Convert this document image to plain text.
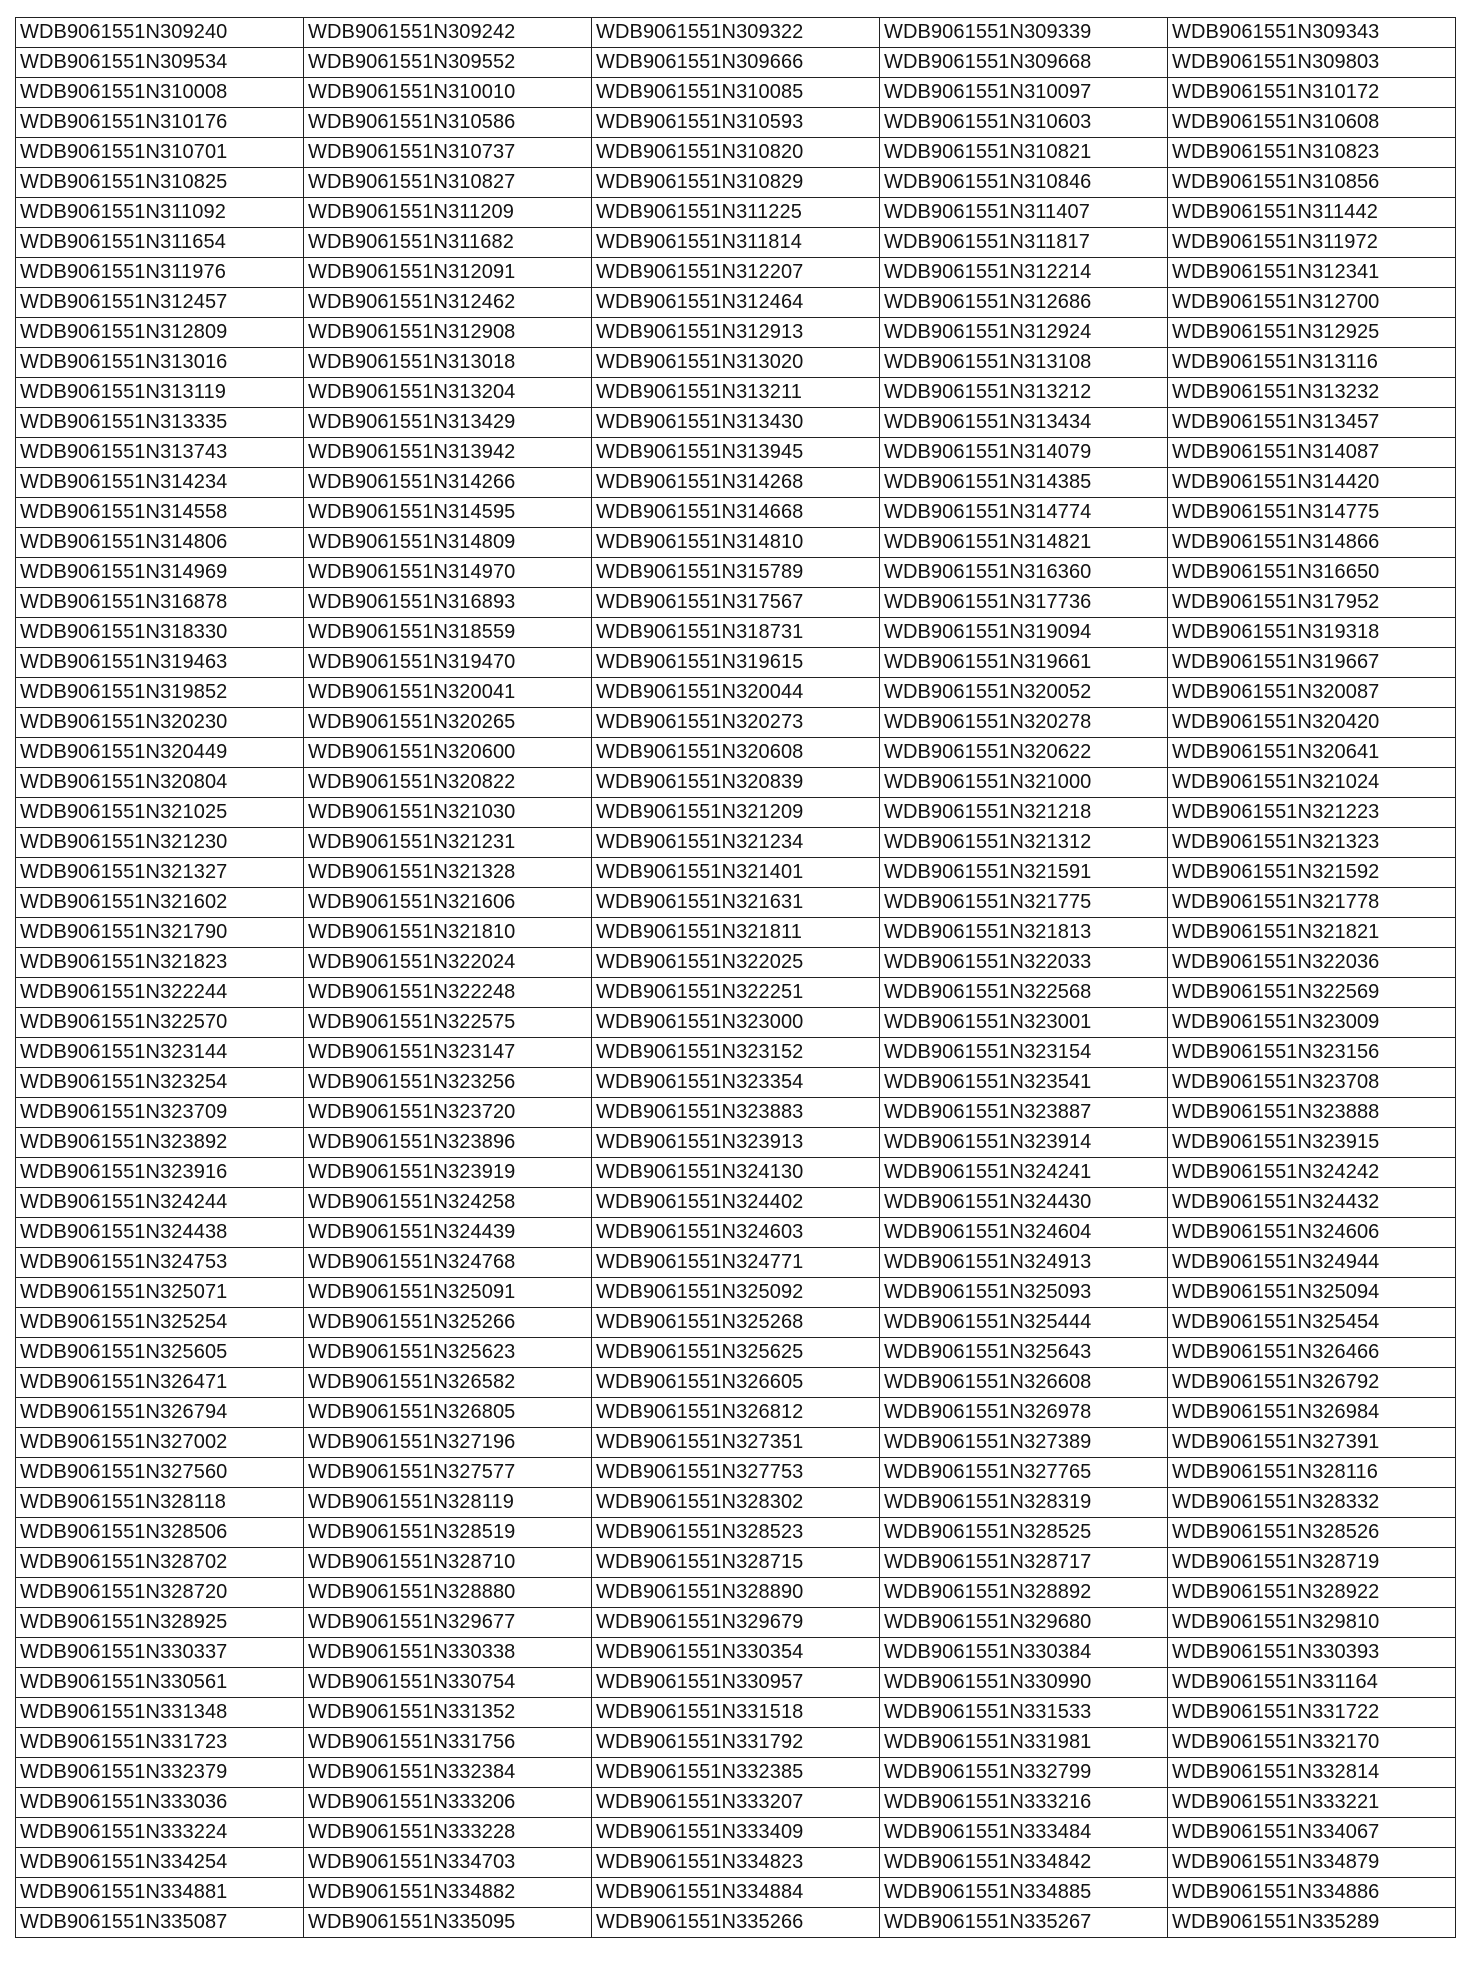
WDB9061551N309240	WDB9061551N309242	WDB9061551N309322	WDB9061551N309339	WDB9061551N309343
WDB9061551N309534	WDB9061551N309552	WDB9061551N309666	WDB9061551N309668	WDB9061551N309803
WDB9061551N310008	WDB9061551N310010	WDB9061551N310085	WDB9061551N310097	WDB9061551N310172
WDB9061551N310176	WDB9061551N310586	WDB9061551N310593	WDB9061551N310603	WDB9061551N310608
WDB9061551N310701	WDB9061551N310737	WDB9061551N310820	WDB9061551N310821	WDB9061551N310823
WDB9061551N310825	WDB9061551N310827	WDB9061551N310829	WDB9061551N310846	WDB9061551N310856
WDB9061551N311092	WDB9061551N311209	WDB9061551N311225	WDB9061551N311407	WDB9061551N311442
WDB9061551N311654	WDB9061551N311682	WDB9061551N311814	WDB9061551N311817	WDB9061551N311972
WDB9061551N311976	WDB9061551N312091	WDB9061551N312207	WDB9061551N312214	WDB9061551N312341
WDB9061551N312457	WDB9061551N312462	WDB9061551N312464	WDB9061551N312686	WDB9061551N312700
WDB9061551N312809	WDB9061551N312908	WDB9061551N312913	WDB9061551N312924	WDB9061551N312925
WDB9061551N313016	WDB9061551N313018	WDB9061551N313020	WDB9061551N313108	WDB9061551N313116
WDB9061551N313119	WDB9061551N313204	WDB9061551N313211	WDB9061551N313212	WDB9061551N313232
WDB9061551N313335	WDB9061551N313429	WDB9061551N313430	WDB9061551N313434	WDB9061551N313457
WDB9061551N313743	WDB9061551N313942	WDB9061551N313945	WDB9061551N314079	WDB9061551N314087
WDB9061551N314234	WDB9061551N314266	WDB9061551N314268	WDB9061551N314385	WDB9061551N314420
WDB9061551N314558	WDB9061551N314595	WDB9061551N314668	WDB9061551N314774	WDB9061551N314775
WDB9061551N314806	WDB9061551N314809	WDB9061551N314810	WDB9061551N314821	WDB9061551N314866
WDB9061551N314969	WDB9061551N314970	WDB9061551N315789	WDB9061551N316360	WDB9061551N316650
WDB9061551N316878	WDB9061551N316893	WDB9061551N317567	WDB9061551N317736	WDB9061551N317952
WDB9061551N318330	WDB9061551N318559	WDB9061551N318731	WDB9061551N319094	WDB9061551N319318
WDB9061551N319463	WDB9061551N319470	WDB9061551N319615	WDB9061551N319661	WDB9061551N319667
WDB9061551N319852	WDB9061551N320041	WDB9061551N320044	WDB9061551N320052	WDB9061551N320087
WDB9061551N320230	WDB9061551N320265	WDB9061551N320273	WDB9061551N320278	WDB9061551N320420
WDB9061551N320449	WDB9061551N320600	WDB9061551N320608	WDB9061551N320622	WDB9061551N320641
WDB9061551N320804	WDB9061551N320822	WDB9061551N320839	WDB9061551N321000	WDB9061551N321024
WDB9061551N321025	WDB9061551N321030	WDB9061551N321209	WDB9061551N321218	WDB9061551N321223
WDB9061551N321230	WDB9061551N321231	WDB9061551N321234	WDB9061551N321312	WDB9061551N321323
WDB9061551N321327	WDB9061551N321328	WDB9061551N321401	WDB9061551N321591	WDB9061551N321592
WDB9061551N321602	WDB9061551N321606	WDB9061551N321631	WDB9061551N321775	WDB9061551N321778
WDB9061551N321790	WDB9061551N321810	WDB9061551N321811	WDB9061551N321813	WDB9061551N321821
WDB9061551N321823	WDB9061551N322024	WDB9061551N322025	WDB9061551N322033	WDB9061551N322036
WDB9061551N322244	WDB9061551N322248	WDB9061551N322251	WDB9061551N322568	WDB9061551N322569
WDB9061551N322570	WDB9061551N322575	WDB9061551N323000	WDB9061551N323001	WDB9061551N323009
WDB9061551N323144	WDB9061551N323147	WDB9061551N323152	WDB9061551N323154	WDB9061551N323156
WDB9061551N323254	WDB9061551N323256	WDB9061551N323354	WDB9061551N323541	WDB9061551N323708
WDB9061551N323709	WDB9061551N323720	WDB9061551N323883	WDB9061551N323887	WDB9061551N323888
WDB9061551N323892	WDB9061551N323896	WDB9061551N323913	WDB9061551N323914	WDB9061551N323915
WDB9061551N323916	WDB9061551N323919	WDB9061551N324130	WDB9061551N324241	WDB9061551N324242
WDB9061551N324244	WDB9061551N324258	WDB9061551N324402	WDB9061551N324430	WDB9061551N324432
WDB9061551N324438	WDB9061551N324439	WDB9061551N324603	WDB9061551N324604	WDB9061551N324606
WDB9061551N324753	WDB9061551N324768	WDB9061551N324771	WDB9061551N324913	WDB9061551N324944
WDB9061551N325071	WDB9061551N325091	WDB9061551N325092	WDB9061551N325093	WDB9061551N325094
WDB9061551N325254	WDB9061551N325266	WDB9061551N325268	WDB9061551N325444	WDB9061551N325454
WDB9061551N325605	WDB9061551N325623	WDB9061551N325625	WDB9061551N325643	WDB9061551N326466
WDB9061551N326471	WDB9061551N326582	WDB9061551N326605	WDB9061551N326608	WDB9061551N326792
WDB9061551N326794	WDB9061551N326805	WDB9061551N326812	WDB9061551N326978	WDB9061551N326984
WDB9061551N327002	WDB9061551N327196	WDB9061551N327351	WDB9061551N327389	WDB9061551N327391
WDB9061551N327560	WDB9061551N327577	WDB9061551N327753	WDB9061551N327765	WDB9061551N328116
WDB9061551N328118	WDB9061551N328119	WDB9061551N328302	WDB9061551N328319	WDB9061551N328332
WDB9061551N328506	WDB9061551N328519	WDB9061551N328523	WDB9061551N328525	WDB9061551N328526
WDB9061551N328702	WDB9061551N328710	WDB9061551N328715	WDB9061551N328717	WDB9061551N328719
WDB9061551N328720	WDB9061551N328880	WDB9061551N328890	WDB9061551N328892	WDB9061551N328922
WDB9061551N328925	WDB9061551N329677	WDB9061551N329679	WDB9061551N329680	WDB9061551N329810
WDB9061551N330337	WDB9061551N330338	WDB9061551N330354	WDB9061551N330384	WDB9061551N330393
WDB9061551N330561	WDB9061551N330754	WDB9061551N330957	WDB9061551N330990	WDB9061551N331164
WDB9061551N331348	WDB9061551N331352	WDB9061551N331518	WDB9061551N331533	WDB9061551N331722
WDB9061551N331723	WDB9061551N331756	WDB9061551N331792	WDB9061551N331981	WDB9061551N332170
WDB9061551N332379	WDB9061551N332384	WDB9061551N332385	WDB9061551N332799	WDB9061551N332814
WDB9061551N333036	WDB9061551N333206	WDB9061551N333207	WDB9061551N333216	WDB9061551N333221
WDB9061551N333224	WDB9061551N333228	WDB9061551N333409	WDB9061551N333484	WDB9061551N334067
WDB9061551N334254	WDB9061551N334703	WDB9061551N334823	WDB9061551N334842	WDB9061551N334879
WDB9061551N334881	WDB9061551N334882	WDB9061551N334884	WDB9061551N334885	WDB9061551N334886
WDB9061551N335087	WDB9061551N335095	WDB9061551N335266	WDB9061551N335267	WDB9061551N335289
